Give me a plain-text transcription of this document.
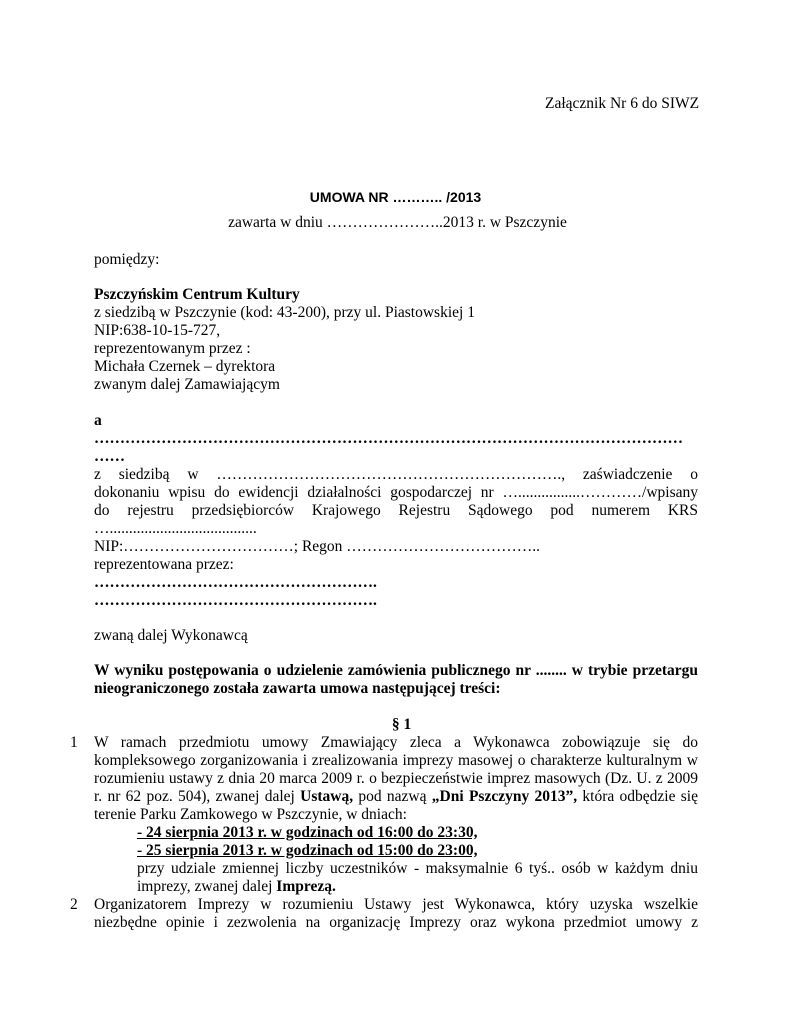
Załącznik Nr 6 do SIWZ
UMOWA NR ……….. /2013
zawarta w dniu …………………..2013 r. w Pszczynie
pomiędzy:
Pszczyńskim Centrum Kultury
z siedzibą w Pszczynie (kod: 43-200), przy ul. Piastowskiej 1
NIP:638-10-15-727,
reprezentowanym przez :
Michała Czernek – dyrektora
zwanym dalej Zamawiającym
a
……………………………………………………………………………………………………
……
z siedzibą w …………………………………………………………., zaświadczenie o
dokonaniu wpisu do ewidencji działalności gospodarczej nr …................…………/wpisany
do rejestru przedsiębiorców Krajowego Rejestru Sądowego pod numerem KRS
…......................................
NIP:……………………………; Regon ………………………………..
reprezentowana przez:
……………………………………………….
……………………………………………….
zwaną dalej Wykonawcą
W wyniku postępowania o udzielenie zamówienia publicznego nr ........ w trybie przetargu
nieograniczonego została zawarta umowa następującej treści:
§ 1
1 W ramach przedmiotu umowy Zmawiający zleca a Wykonawca zobowiązuje się do
kompleksowego zorganizowania i zrealizowania imprezy masowej o charakterze kulturalnym w
rozumieniu ustawy z dnia 20 marca 2009 r. o bezpieczeństwie imprez masowych (Dz. U. z 2009
r. nr 62 poz. 504), zwanej dalej Ustawą, pod nazwą „Dni Pszczyny 2013”, która odbędzie się
terenie Parku Zamkowego w Pszczynie, w dniach:
- 24 sierpnia 2013 r. w godzinach od 16:00 do 23:30,
- 25 sierpnia 2013 r. w godzinach od 15:00 do 23:00,
przy udziale zmiennej liczby uczestników - maksymalnie 6 tyś.. osób w każdym dniu
imprezy, zwanej dalej Imprezą.
2 Organizatorem Imprezy w rozumieniu Ustawy jest Wykonawca, który uzyska wszelkie
niezbędne opinie i zezwolenia na organizację Imprezy oraz wykona przedmiot umowy z
